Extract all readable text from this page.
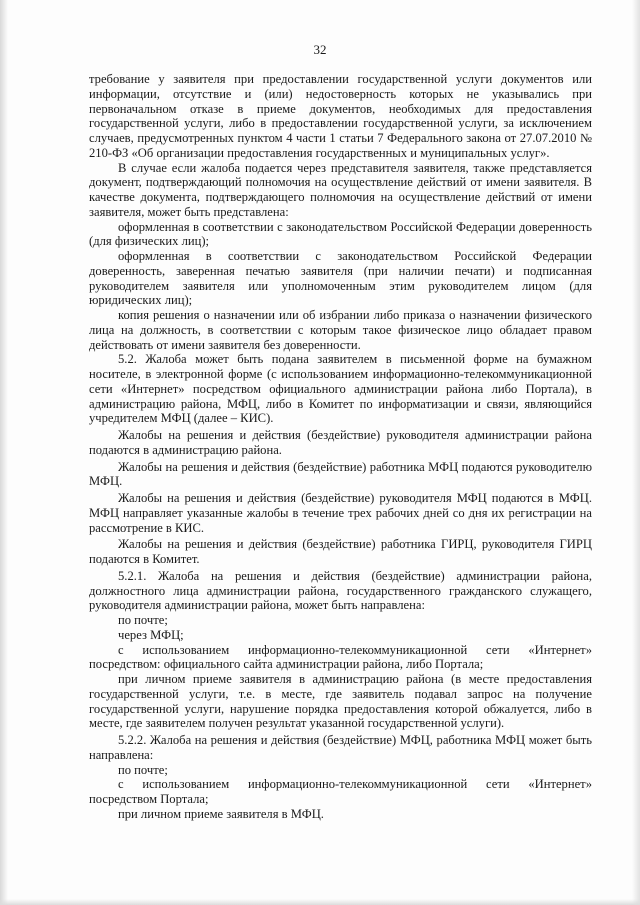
32

требование у заявителя при предоставлении государственной услуги документов или информации, отсутствие и (или) недостоверность которых не указывались при первоначальном отказе в приеме документов, необходимых для предоставления государственной услуги, либо в предоставлении государственной услуги, за исключением случаев, предусмотренных пунктом 4 части 1 статьи 7 Федерального закона от 27.07.2010 № 210-ФЗ «Об организации предоставления государственных и муниципальных услуг».

В случае если жалоба подается через представителя заявителя, также представляется документ, подтверждающий полномочия на осуществление действий от имени заявителя. В качестве документа, подтверждающего полномочия на осуществление действий от имени заявителя, может быть представлена:

оформленная в соответствии с законодательством Российской Федерации доверенность (для физических лиц);

оформленная в соответствии с законодательством Российской Федерации доверенность, заверенная печатью заявителя (при наличии печати) и подписанная руководителем заявителя или уполномоченным этим руководителем лицом (для юридических лиц);

копия решения о назначении или об избрании либо приказа о назначении физического лица на должность, в соответствии с которым такое физическое лицо обладает правом действовать от имени заявителя без доверенности.

5.2. Жалоба может быть подана заявителем в письменной форме на бумажном носителе, в электронной форме (с использованием информационно-телекоммуникационной сети «Интернет» посредством официального администрации района либо Портала), в администрацию района, МФЦ, либо в Комитет по информатизации и связи, являющийся учредителем МФЦ (далее – КИС).

Жалобы на решения и действия (бездействие) руководителя администрации района подаются в администрацию района.

Жалобы на решения и действия (бездействие) работника МФЦ подаются руководителю МФЦ.

Жалобы на решения и действия (бездействие) руководителя МФЦ подаются в МФЦ. МФЦ направляет указанные жалобы в течение трех рабочих дней со дня их регистрации на рассмотрение в КИС.

Жалобы на решения и действия (бездействие) работника ГИРЦ, руководителя ГИРЦ подаются в Комитет.

5.2.1. Жалоба на решения и действия (бездействие) администрации района, должностного лица администрации района, государственного гражданского служащего, руководителя администрации района, может быть направлена:

по почте;

через МФЦ;

с использованием информационно-телекоммуникационной сети «Интернет» посредством: официального сайта администрации района, либо Портала;

при личном приеме заявителя в администрацию района (в месте предоставления государственной услуги, т.е. в месте, где заявитель подавал запрос на получение государственной услуги, нарушение порядка предоставления которой обжалуется, либо в месте, где заявителем получен результат указанной государственной услуги).

5.2.2. Жалоба на решения и действия (бездействие) МФЦ, работника МФЦ может быть направлена:

по почте;

с использованием информационно-телекоммуникационной сети «Интернет» посредством Портала;

при личном приеме заявителя в МФЦ.
